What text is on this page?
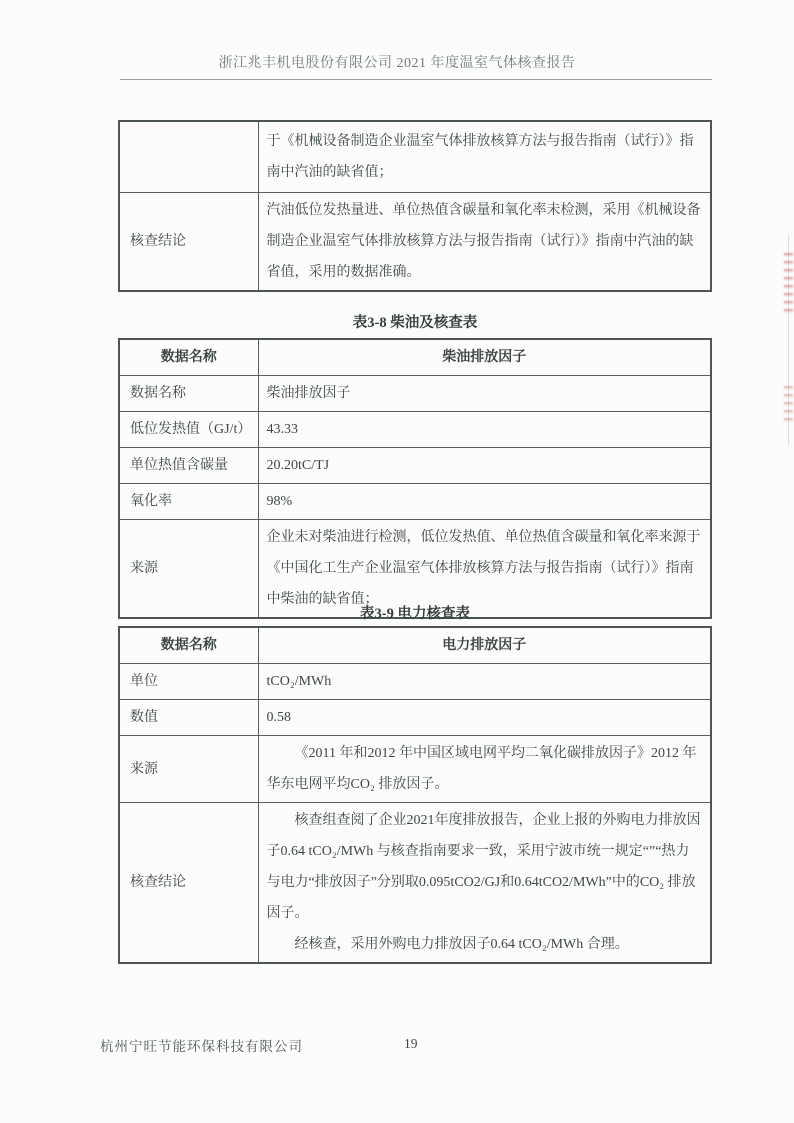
浙江兆丰机电股份有限公司 2021 年度温室气体核查报告
	于《机械设备制造企业温室气体排放核算方法与报告指南（试行）》指南中汽油的缺省值；
核查结论	汽油低位发热量进、单位热值含碳量和氧化率未检测，采用《机械设备制造企业温室气体排放核算方法与报告指南（试行）》指南中汽油的缺省值，采用的数据准确。
表3-8 柴油及核查表
数据名称	柴油排放因子
数据名称	柴油排放因子
低位发热值（GJ/t）	43.33
单位热值含碳量	20.20tC/TJ
氧化率	98%
来源	企业未对柴油进行检测，低位发热值、单位热值含碳量和氧化率来源于《中国化工生产企业温室气体排放核算方法与报告指南（试行）》指南中柴油的缺省值；
表3-9 电力核查表
数据名称	电力排放因子
单位	tCO₂/MWh
数值	0.58
来源	《2011 年和2012 年中国区域电网平均二氧化碳排放因子》2012 年华东电网平均CO₂ 排放因子。

核查结论	核查组查阅了企业2021年度排放报告，企业上报的外购电力排放因子0.64 tCO₂/MWh 与核查指南要求一致，采用宁波市统一规定“”“热力与电力“排放因子”分别取0.095tCO2/GJ和0.64tCO2/MWh”中的CO₂ 排放因子。

经核查，采用外购电力排放因子0.64 tCO₂/MWh 合理。

杭州宁旺节能环保科技有限公司	19
